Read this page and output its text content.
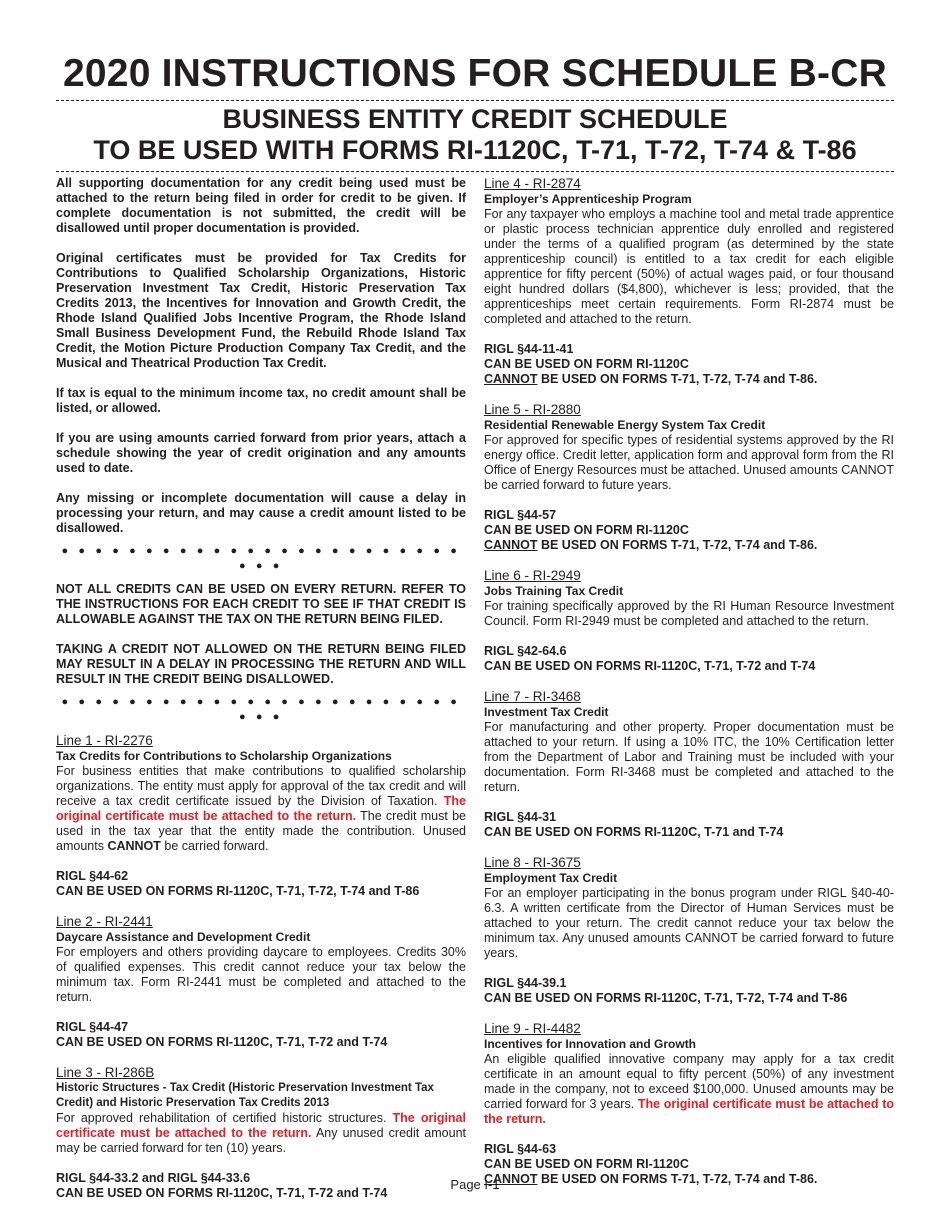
2020 INSTRUCTIONS FOR SCHEDULE B-CR
BUSINESS ENTITY CREDIT SCHEDULE
TO BE USED WITH FORMS RI-1120C, T-71, T-72, T-74 & T-86

All supporting documentation for any credit being used must be attached to the return being filed in order for credit to be given. If complete documentation is not submitted, the credit will be disallowed until proper documentation is provided.

Original certificates must be provided for Tax Credits for Contributions to Qualified Scholarship Organizations, Historic Preservation Investment Tax Credit, Historic Preservation Tax Credits 2013, the Incentives for Innovation and Growth Credit, the Rhode Island Qualified Jobs Incentive Program, the Rhode Island Small Business Development Fund, the Rebuild Rhode Island Tax Credit, the Motion Picture Production Company Tax Credit, and the Musical and Theatrical Production Tax Credit.

If tax is equal to the minimum income tax, no credit amount shall be listed, or allowed.

If you are using amounts carried forward from prior years, attach a schedule showing the year of credit origination and any amounts used to date.

Any missing or incomplete documentation will cause a delay in processing your return, and may cause a credit amount listed to be disallowed.

● ● ● ● ● ● ● ● ● ● ● ● ● ● ● ● ● ● ● ● ● ● ● ● ● ● ●

NOT ALL CREDITS CAN BE USED ON EVERY RETURN. REFER TO THE INSTRUCTIONS FOR EACH CREDIT TO SEE IF THAT CREDIT IS ALLOWABLE AGAINST THE TAX ON THE RETURN BEING FILED.

TAKING A CREDIT NOT ALLOWED ON THE RETURN BEING FILED MAY RESULT IN A DELAY IN PROCESSING THE RETURN AND WILL RESULT IN THE CREDIT BEING DISALLOWED.

● ● ● ● ● ● ● ● ● ● ● ● ● ● ● ● ● ● ● ● ● ● ● ● ● ● ●

Line 1 - RI-2276

Tax Credits for Contributions to Scholarship Organizations

For business entities that make contributions to qualified scholarship organizations. The entity must apply for approval of the tax credit and will receive a tax credit certificate issued by the Division of Taxation. The original certificate must be attached to the return. The credit must be used in the tax year that the entity made the contribution. Unused amounts CANNOT be carried forward.

RIGL §44-62

CAN BE USED ON FORMS RI-1120C, T-71, T-72, T-74 and T-86

Line 2 - RI-2441

Daycare Assistance and Development Credit

For employers and others providing daycare to employees. Credits 30% of qualified expenses. This credit cannot reduce your tax below the minimum tax. Form RI-2441 must be completed and attached to the return.

RIGL §44-47

CAN BE USED ON FORMS RI-1120C, T-71, T-72 and T-74

Line 3 - RI-286B

Historic Structures - Tax Credit (Historic Preservation Investment Tax Credit) and Historic Preservation Tax Credits 2013

For approved rehabilitation of certified historic structures. The original certificate must be attached to the return. Any unused credit amount may be carried forward for ten (10) years.

RIGL §44-33.2 and RIGL §44-33.6

CAN BE USED ON FORMS RI-1120C, T-71, T-72 and T-74

Line 4 - RI-2874

Employer’s Apprenticeship Program

For any taxpayer who employs a machine tool and metal trade apprentice or plastic process technician apprentice duly enrolled and registered under the terms of a qualified program (as determined by the state apprenticeship council) is entitled to a tax credit for each eligible apprentice for fifty percent (50%) of actual wages paid, or four thousand eight hundred dollars ($4,800), whichever is less; provided, that the apprenticeships meet certain requirements. Form RI-2874 must be completed and attached to the return.

RIGL §44-11-41

CAN BE USED ON FORM RI-1120C

CANNOT BE USED ON FORMS T-71, T-72, T-74 and T-86.

Line 5 - RI-2880

Residential Renewable Energy System Tax Credit

For approved for specific types of residential systems approved by the RI energy office. Credit letter, application form and approval form from the RI Office of Energy Resources must be attached. Unused amounts CANNOT be carried forward to future years.

RIGL §44-57

CAN BE USED ON FORM RI-1120C

CANNOT BE USED ON FORMS T-71, T-72, T-74 and T-86.

Line 6 - RI-2949

Jobs Training Tax Credit

For training specifically approved by the RI Human Resource Investment Council. Form RI-2949 must be completed and attached to the return.

RIGL §42-64.6

CAN BE USED ON FORMS RI-1120C, T-71, T-72 and T-74

Line 7 - RI-3468

Investment Tax Credit

For manufacturing and other property. Proper documentation must be attached to your return. If using a 10% ITC, the 10% Certification letter from the Department of Labor and Training must be included with your documentation. Form RI-3468 must be completed and attached to the return.

RIGL §44-31

CAN BE USED ON FORMS RI-1120C, T-71 and T-74

Line 8 - RI-3675

Employment Tax Credit

For an employer participating in the bonus program under RIGL §40-40-6.3. A written certificate from the Director of Human Services must be attached to your return. The credit cannot reduce your tax below the minimum tax. Any unused amounts CANNOT be carried forward to future years.

RIGL §44-39.1

CAN BE USED ON FORMS RI-1120C, T-71, T-72, T-74 and T-86

Line 9 - RI-4482

Incentives for Innovation and Growth

An eligible qualified innovative company may apply for a tax credit certificate in an amount equal to fifty percent (50%) of any investment made in the company, not to exceed $100,000. Unused amounts may be carried forward for 3 years. The original certificate must be attached to the return.

RIGL §44-63

CAN BE USED ON FORM RI-1120C

CANNOT BE USED ON FORMS T-71, T-72, T-74 and T-86.

Page I-1
